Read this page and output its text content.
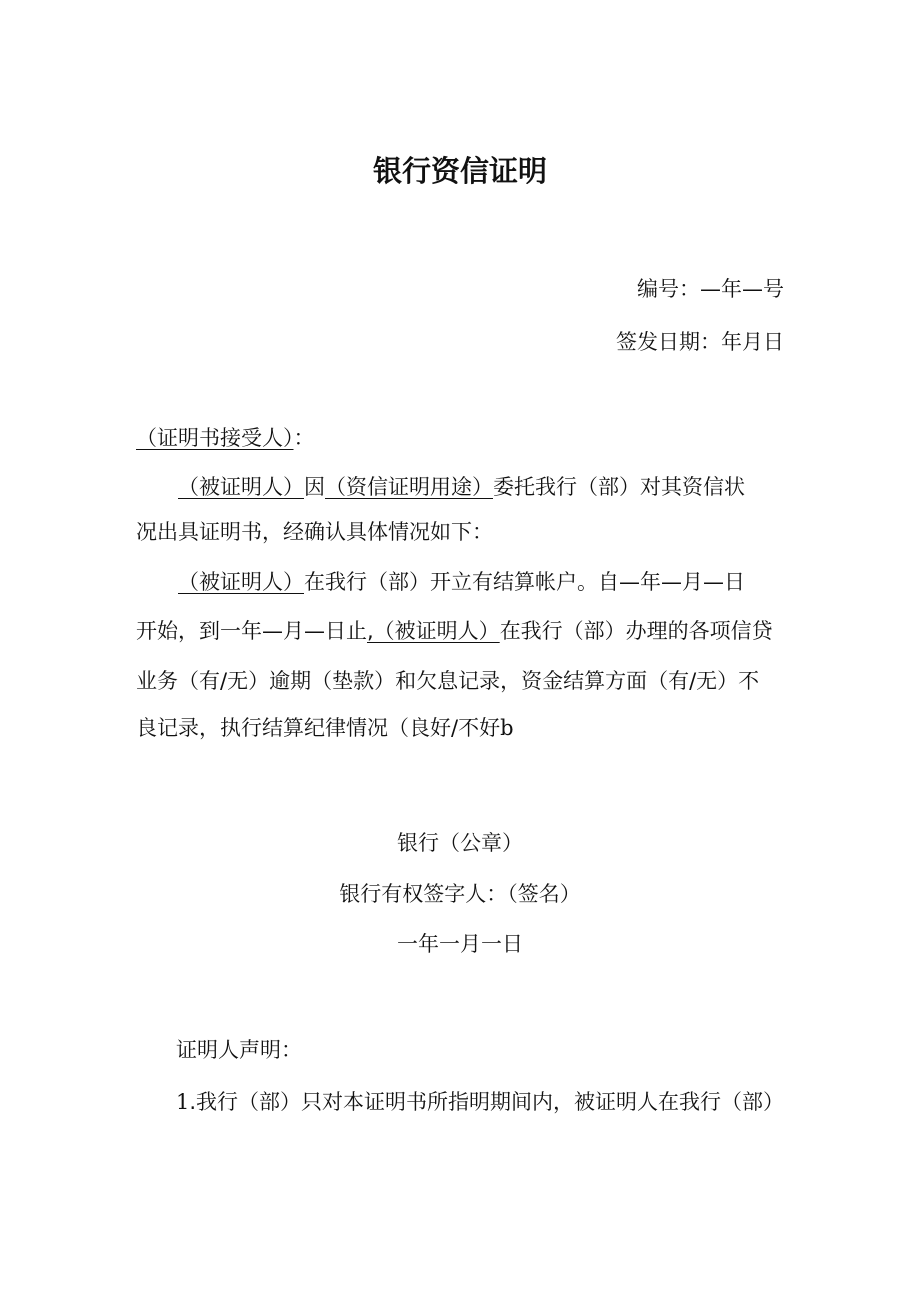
银行资信证明

编号：—年—号

签发日期：年月日

（证明书接受人）：

（被证明人）因（资信证明用途）委托我行（部）对其资信状

况出具证明书，经确认具体情况如下：

（被证明人）在我行（部）开立有结算帐户。自—年—月—日

开始，到一年—月—日止,（被证明人）在我行（部）办理的各项信贷

业务（有/无）逾期（垫款）和欠息记录，资金结算方面（有/无）不

良记录，执行结算纪律情况（良好/不好b

银行（公章）

银行有权签字人：（签名）

一年一月一日

证明人声明：

1.我行（部）只对本证明书所指明期间内，被证明人在我行（部）
